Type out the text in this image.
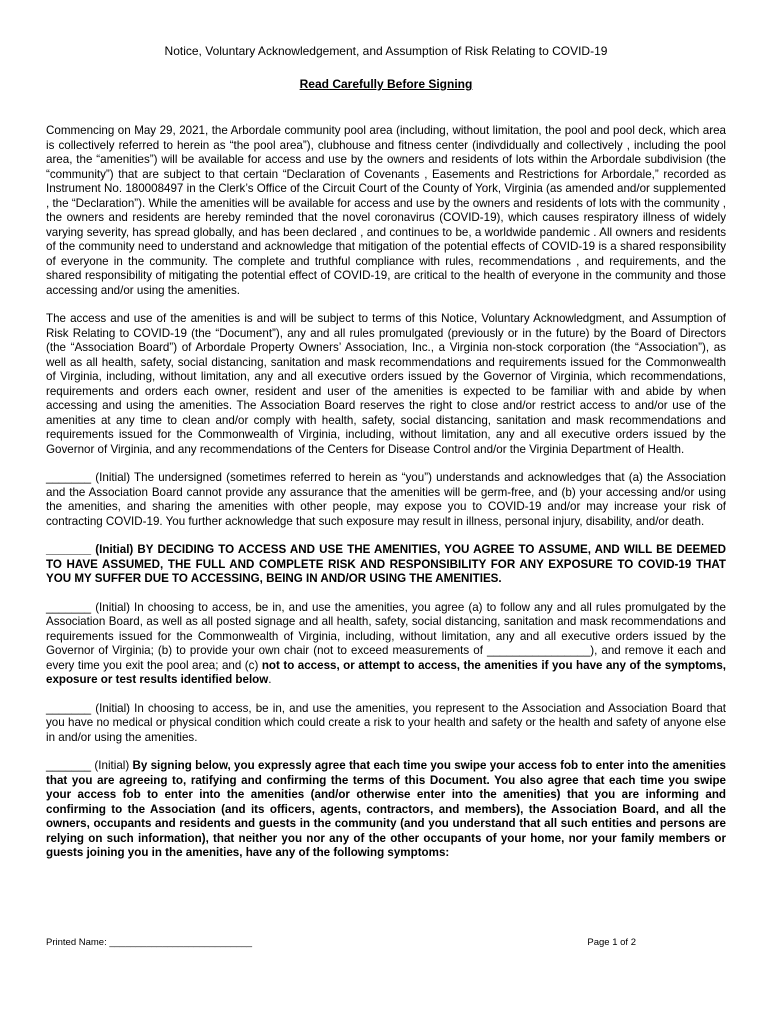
Notice, Voluntary Acknowledgement, and Assumption of Risk Relating to COVID-19
Read Carefully Before Signing

Commencing on May 29, 2021, the Arbordale community pool area (including, without limitation, the pool and pool deck, which area is collectively referred to herein as “the pool area”), clubhouse and fitness center (indivdidually and collectively , including the pool area, the “amenities”) will be available for access and use by the owners and residents of lots within the Arbordale subdivision (the “community”) that are subject to that certain “Declaration of Covenants , Easements and Restrictions for Arbordale,” recorded as Instrument No. 180008497 in the Clerk’s Office of the Circuit Court of the County of York, Virginia (as amended and/or supplemented , the “Declaration”). While the amenities will be available for access and use by the owners and residents of lots with the community , the owners and residents are hereby reminded that the novel coronavirus (COVID-19), which causes respiratory illness of widely varying severity, has spread globally, and has been declared , and continues to be, a worldwide pandemic . All owners and residents of the community need to understand and acknowledge that mitigation of the potential effects of COVID-19 is a shared responsibility of everyone in the community. The complete and truthful compliance with rules, recommendations , and requirements, and the shared responsibility of mitigating the potential effect of COVID-19, are critical to the health of everyone in the community and those accessing and/or using the amenities.

The access and use of the amenities is and will be subject to terms of this Notice, Voluntary Acknowledgment, and Assumption of Risk Relating to COVID-19 (the “Document”), any and all rules promulgated (previously or in the future) by the Board of Directors (the “Association Board”) of Arbordale Property Owners’ Association, Inc., a Virginia non-stock corporation (the “Association”), as well as all health, safety, social distancing, sanitation and mask recommendations and requirements issued for the Commonwealth of Virginia, including, without limitation, any and all executive orders issued by the Governor of Virginia, which recommendations, requirements and orders each owner, resident and user of the amenities is expected to be familiar with and abide by when accessing and using the amenities. The Association Board reserves the right to close and/or restrict access to and/or use of the amenities at any time to clean and/or comply with health, safety, social distancing, sanitation and mask recommendations and requirements issued for the Commonwealth of Virginia, including, without limitation, any and all executive orders issued by the Governor of Virginia, and any recommendations of the Centers for Disease Control and/or the Virginia Department of Health.

_______ (Initial) The undersigned (sometimes referred to herein as “you”) understands and acknowledges that (a) the Association and the Association Board cannot provide any assurance that the amenities will be germ-free, and (b) your accessing and/or using the amenities, and sharing the amenities with other people, may expose you to COVID-19 and/or may increase your risk of contracting COVID-19. You further acknowledge that such exposure may result in illness, personal injury, disability, and/or death.

_______ (Initial) BY DECIDING TO ACCESS AND USE THE AMENITIES, YOU AGREE TO ASSUME, AND WILL BE DEEMED TO HAVE ASSUMED, THE FULL AND COMPLETE RISK AND RESPONSIBILITY FOR ANY EXPOSURE TO COVID-19 THAT YOU MY SUFFER DUE TO ACCESSING, BEING IN AND/OR USING THE AMENITIES.

_______ (Initial) In choosing to access, be in, and use the amenities, you agree (a) to follow any and all rules promulgated by the Association Board, as well as all posted signage and all health, safety, social distancing, sanitation and mask recommendations and requirements issued for the Commonwealth of Virginia, including, without limitation, any and all executive orders issued by the Governor of Virginia; (b) to provide your own chair (not to exceed measurements of ________________), and remove it each and every time you exit the pool area; and (c) not to access, or attempt to access, the amenities if you have any of the symptoms, exposure or test results identified below.

_______ (Initial) In choosing to access, be in, and use the amenities, you represent to the Association and Association Board that you have no medical or physical condition which could create a risk to your health and safety or the health and safety of anyone else in and/or using the amenities.

_______ (Initial) By signing below, you expressly agree that each time you swipe your access fob to enter into the amenities that you are agreeing to, ratifying and confirming the terms of this Document. You also agree that each time you swipe your access fob to enter into the amenities (and/or otherwise enter into the amenities) that you are informing and confirming to the Association (and its officers, agents, contractors, and members), the Association Board, and all the owners, occupants and residents and guests in the community (and you understand that all such entities and persons are relying on such information), that neither you nor any of the other occupants of your home, nor your family members or guests joining you in the amenities, have any of the following symptoms:

Printed Name: ___________________________	Page 1 of 2
